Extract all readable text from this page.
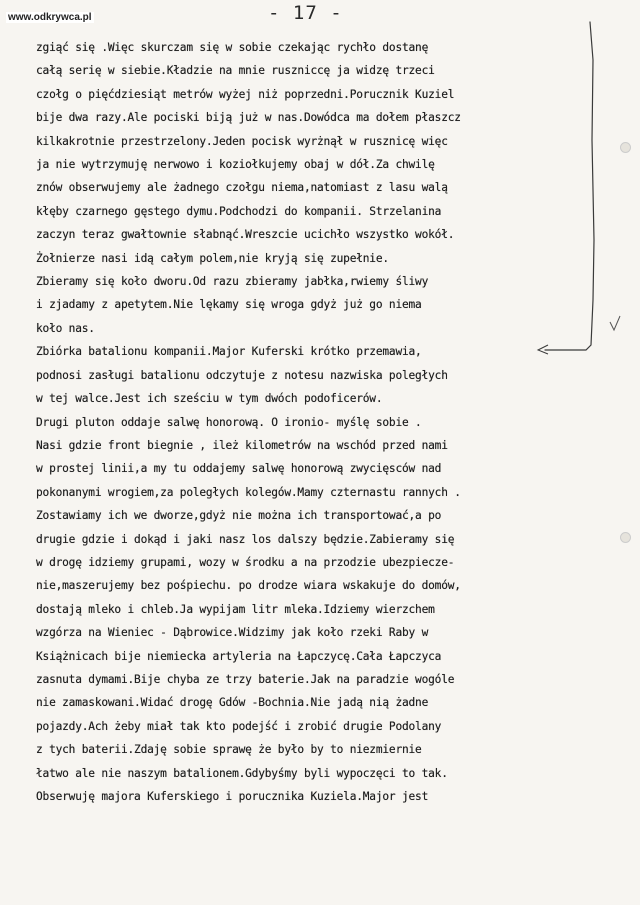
www.odkrywca.pl	- 17 -
zgiąć się .Więc skurczam się w sobie czekając rychło dostanę
całą serię w siebie.Kładzie na mnie ruszniccę ja widzę trzeci
czołg o pięćdziesiąt metrów wyżej niż poprzedni.Porucznik Kuziel
bije dwa razy.Ale pociski biją już w nas.Dowódca ma dołem płaszcz
kilkakrotnie przestrzelony.Jeden pocisk wyrżnął w rusznicę więc
ja nie wytrzymuję nerwowo i koziołkujemy obaj w dół.Za chwilę
znów obserwujemy ale żadnego czołgu niema,natomiast z lasu walą
kłęby czarnego gęstego dymu.Podchodzi do kompanii. Strzelanina
zaczyn teraz gwałtownie słabnąć.Wreszcie ucichło wszystko wokół.
Żołnierze nasi idą całym polem,nie kryją się zupełnie.
Zbieramy się koło dworu.Od razu zbieramy jabłka,rwiemy śliwy
i zjadamy z apetytem.Nie lękamy się wroga gdyż już go niema
koło nas.
Zbiórka batalionu kompanii.Major Kuferski krótko przemawia,
podnosi zasługi batalionu odczytuje z notesu nazwiska poległych
w tej walce.Jest ich sześciu w tym dwóch podoficerów.
Drugi pluton oddaje salwę honorową. O ironio- myślę sobie .
Nasi gdzie front biegnie , ileż kilometrów na wschód przed nami
w prostej linii,a my tu oddajemy salwę honorową zwycięsców nad
pokonanymi wrogiem,za poległych kolegów.Mamy czternastu rannych .
Zostawiamy ich we dworze,gdyż nie można ich transportować,a po
drugie gdzie i dokąd i jaki nasz los dalszy będzie.Zabieramy się
w drogę idziemy grupami, wozy w środku a na przodzie ubezpiecze-
nie,maszerujemy bez pośpiechu. po drodze wiara wskakuje do domów,
dostają mleko i chleb.Ja wypijam litr mleka.Idziemy wierzchem
wzgórza na Wieniec - Dąbrowice.Widzimy jak koło rzeki Raby w
Książnicach bije niemiecka artyleria na Łapczycę.Cała Łapczyca
zasnuta dymami.Bije chyba ze trzy baterie.Jak na paradzie wogóle
nie zamaskowani.Widać drogę Gdów -Bochnia.Nie jadą nią żadne
pojazdy.Ach żeby miał tak kto podejść i zrobić drugie Podolany
z tych baterii.Zdaję sobie sprawę że było by to niezmiernie
łatwo ale nie naszym batalionem.Gdybyśmy byli wypoczęci to tak.
Obserwuję majora Kuferskiego i porucznika Kuziela.Major jest
